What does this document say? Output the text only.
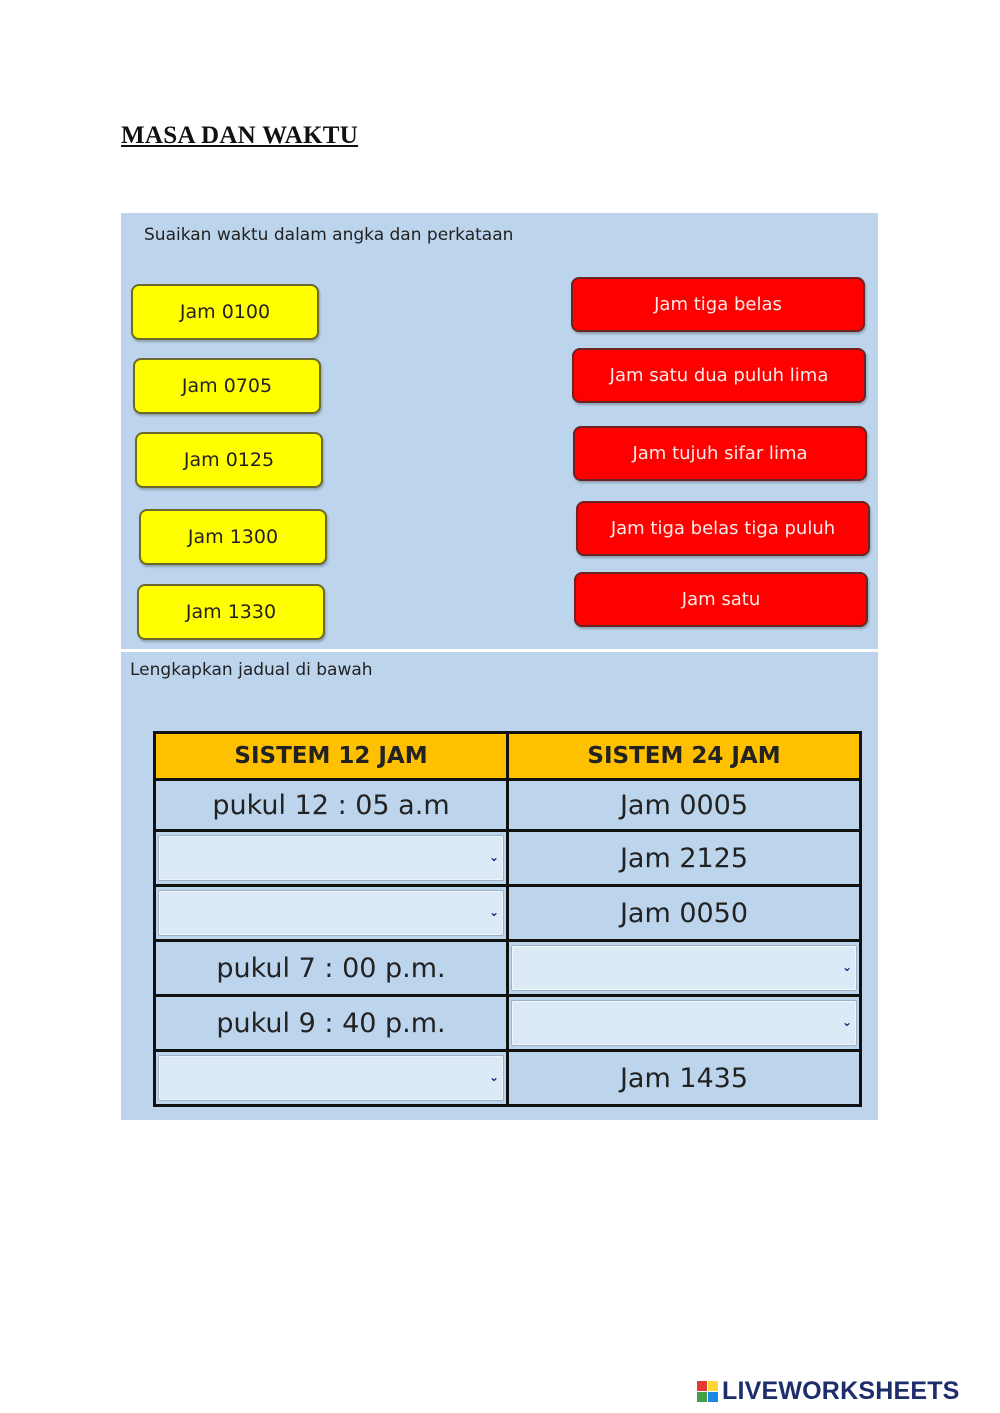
MASA DAN WAKTU
Suaikan waktu dalam angka dan perkataan
Jam 0100
Jam 0705
Jam 0125
Jam 1300
Jam 1330
Jam tiga belas
Jam satu dua puluh lima
Jam tujuh sifar lima
Jam tiga belas tiga puluh
Jam satu
Lengkapkan jadual di bawah
SISTEM 12 JAM	SISTEM 24 JAM
pukul 12 : 05 a.m	Jam 0005

⌄	Jam 2125

⌄	Jam 0050
pukul 7 : 00 p.m.	⌄

pukul 9 : 40 p.m.	⌄

⌄	Jam 1435
LIVEWORKSHEETS
